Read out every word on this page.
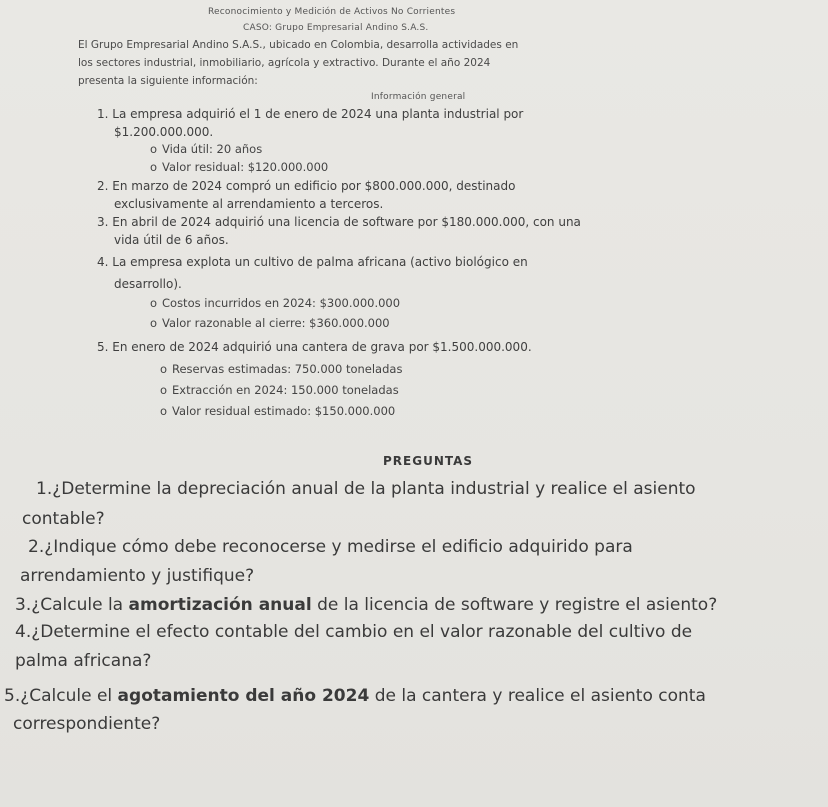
Reconocimiento y Medición de Activos No Corrientes
CASO: Grupo Empresarial Andino S.A.S.
El Grupo Empresarial Andino S.A.S., ubicado en Colombia, desarrolla actividades en
los sectores industrial, inmobiliario, agrícola y extractivo. Durante el año 2024
presenta la siguiente información:
Información general
1. La empresa adquirió el 1 de enero de 2024 una planta industrial por
$1.200.000.000.
o Vida útil: 20 años
o Valor residual: $120.000.000
2. En marzo de 2024 compró un edificio por $800.000.000, destinado
exclusivamente al arrendamiento a terceros.
3. En abril de 2024 adquirió una licencia de software por $180.000.000, con una
vida útil de 6 años.
4. La empresa explota un cultivo de palma africana (activo biológico en
desarrollo).
o Costos incurridos en 2024: $300.000.000
o Valor razonable al cierre: $360.000.000
5. En enero de 2024 adquirió una cantera de grava por $1.500.000.000.
o Reservas estimadas: 750.000 toneladas
o Extracción en 2024: 150.000 toneladas
o Valor residual estimado: $150.000.000
PREGUNTAS
1.¿Determine la depreciación anual de la planta industrial y realice el asiento
contable?
2.¿Indique cómo debe reconocerse y medirse el edificio adquirido para
arrendamiento y justifique?
3.¿Calcule la amortización anual de la licencia de software y registre el asiento?
4.¿Determine el efecto contable del cambio en el valor razonable del cultivo de
palma africana?
5.¿Calcule el agotamiento del año 2024 de la cantera y realice el asiento conta
correspondiente?
